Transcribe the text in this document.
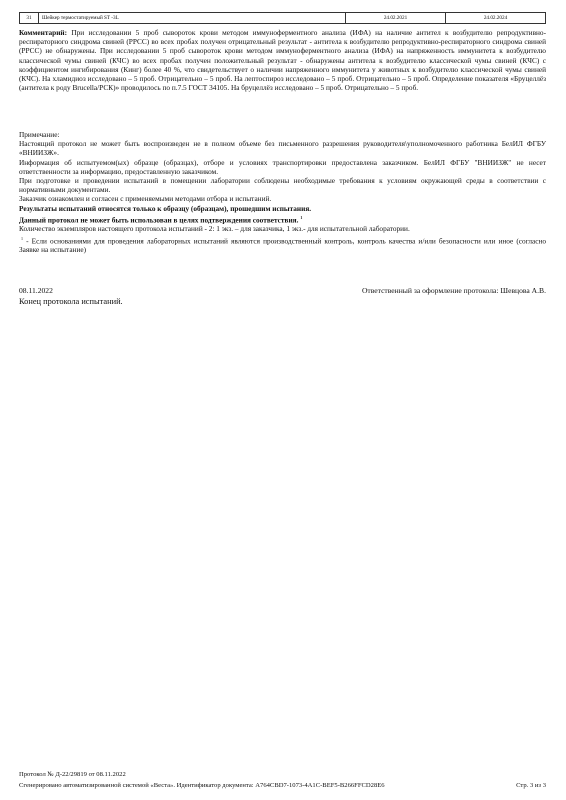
31	Шейкер термостатируемый ST -3L	24.02.2021	24.02.2024
Комментарий: При исследовании 5 проб сывороток крови методом иммуноферментного анализа (ИФА) на наличие антител к возбудителю репродуктивно-респираторного синдрома свиней (РРСС) во всех пробах получен отрицательный результат - антитела к возбудителю репродуктивно-респираторного синдрома свиней (РРСС) не обнаружены. При исследовании 5 проб сывороток крови методом иммуноферментного анализа (ИФА) на напряженность иммунитета к возбудителю классической чумы свиней (КЧС) во всех пробах получен положительный результат - обнаружены антитела к возбудителю классической чумы свиней (КЧС) с коэффициентом ингибирования (Кинг) более 40 %, что свидетельствует о наличии напряженного иммунитета у животных к возбудителю классической чумы свиней (КЧС). На хламидиоз исследовано – 5 проб. Отрицательно – 5 проб. На лептоспироз исследовано – 5 проб. Отрицательно – 5 проб. Определение показателя «Бруцеллёз (антитела к роду Brucella/РСК)» проводилось по п.7.5 ГОСТ 34105. На бруцеллёз исследовано – 5 проб. Отрицательно – 5 проб.

Примечание:

Настоящий протокол не может быть воспроизведен не в полном объеме без письменного разрешения руководителя\уполномоченного работника БелИЛ ФГБУ «ВНИИЗЖ».

Информация об испытуемом(ых) образце (образцах), отборе и условиях транспортировки предоставлена заказчиком. БелИЛ ФГБУ "ВНИИЗЖ" не несет ответственности за информацию, предоставленную заказчиком.

При подготовке и проведении испытаний в помещении лаборатории соблюдены необходимые требования к условиям окружающей среды в соответствии с нормативными документами.

Заказчик ознакомлен и согласен с применяемыми методами отбора и испытаний.

Результаты испытаний относятся только к образцу (образцам), прошедшим испытания.

Данный протокол не может быть использован в целях подтверждения соответствия. $^1$

Количество экземпляров настоящего протокола испытаний - 2: 1 экз. – для заказчика, 1 экз.- для испытательной лаборатории.

$^1$ - Если основаниями для проведения лабораторных испытаний являются производственный контроль, контроль качества и/или безопасности или иное (согласно Заявке на испытание)

08.11.2022	Ответственный за оформление протокола: Шевцова А.В.
Конец протокола испытаний.
Протокол № Д-22/29819 от 08.11.2022
Сгенерировано автоматизированной системой «Веста». Идентификатор документа: A764CBD7-1073-4A1C-BEF5-B266FFCD28E6	Стр. 3 из 3
